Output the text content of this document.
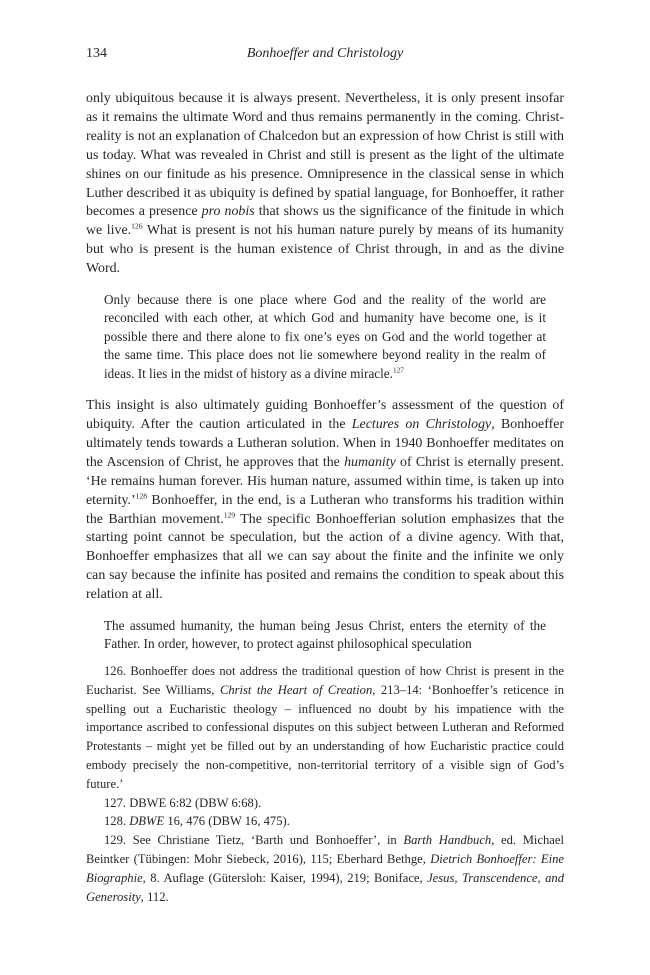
134	Bonhoeffer and Christology

only ubiquitous because it is always present. Nevertheless, it is only present insofar as it remains the ultimate Word and thus remains permanently in the coming. Christ-reality is not an explanation of Chalcedon but an expression of how Christ is still with us today. What was revealed in Christ and still is present as the light of the ultimate shines on our finitude as his presence. Omnipresence in the classical sense in which Luther described it as ubiquity is defined by spatial language, for Bonhoeffer, it rather becomes a presence pro nobis that shows us the significance of the finitude in which we live.$^{126}$ What is present is not his human nature purely by means of its humanity but who is present is the human existence of Christ through, in and as the divine Word.

Only because there is one place where God and the reality of the world are reconciled with each other, at which God and humanity have become one, is it possible there and there alone to fix one’s eyes on God and the world together at the same time. This place does not lie somewhere beyond reality in the realm of ideas. It lies in the midst of history as a divine miracle.$^{127}$

This insight is also ultimately guiding Bonhoeffer’s assessment of the question of ubiquity. After the caution articulated in the Lectures on Christology, Bonhoeffer ultimately tends towards a Lutheran solution. When in 1940 Bonhoeffer meditates on the Ascension of Christ, he approves that the humanity of Christ is eternally present. ‘He remains human forever. His human nature, assumed within time, is taken up into eternity.’$^{128}$ Bonhoeffer, in the end, is a Lutheran who transforms his tradition within the Barthian movement.$^{129}$ The specific Bonhoefferian solution emphasizes that the starting point cannot be speculation, but the action of a divine agency. With that, Bonhoeffer emphasizes that all we can say about the finite and the infinite we only can say because the infinite has posited and remains the condition to speak about this relation at all.

The assumed humanity, the human being Jesus Christ, enters the eternity of the Father. In order, however, to protect against philosophical speculation

126. Bonhoeffer does not address the traditional question of how Christ is present in the Eucharist. See Williams, Christ the Heart of Creation, 213–14: ‘Bonhoeffer’s reticence in spelling out a Eucharistic theology – influenced no doubt by his impatience with the importance ascribed to confessional disputes on this subject between Lutheran and Reformed Protestants – might yet be filled out by an understanding of how Eucharistic practice could embody precisely the non-competitive, non-territorial territory of a visible sign of God’s future.’

127. DBWE 6:82 (DBW 6:68).

128. DBWE 16, 476 (DBW 16, 475).

129. See Christiane Tietz, ‘Barth und Bonhoeffer’, in Barth Handbuch, ed. Michael Beintker (Tübingen: Mohr Siebeck, 2016), 115; Eberhard Bethge, Dietrich Bonhoeffer: Eine Biographie, 8. Auflage (Gütersloh: Kaiser, 1994), 219; Boniface, Jesus, Transcendence, and Generosity, 112.
